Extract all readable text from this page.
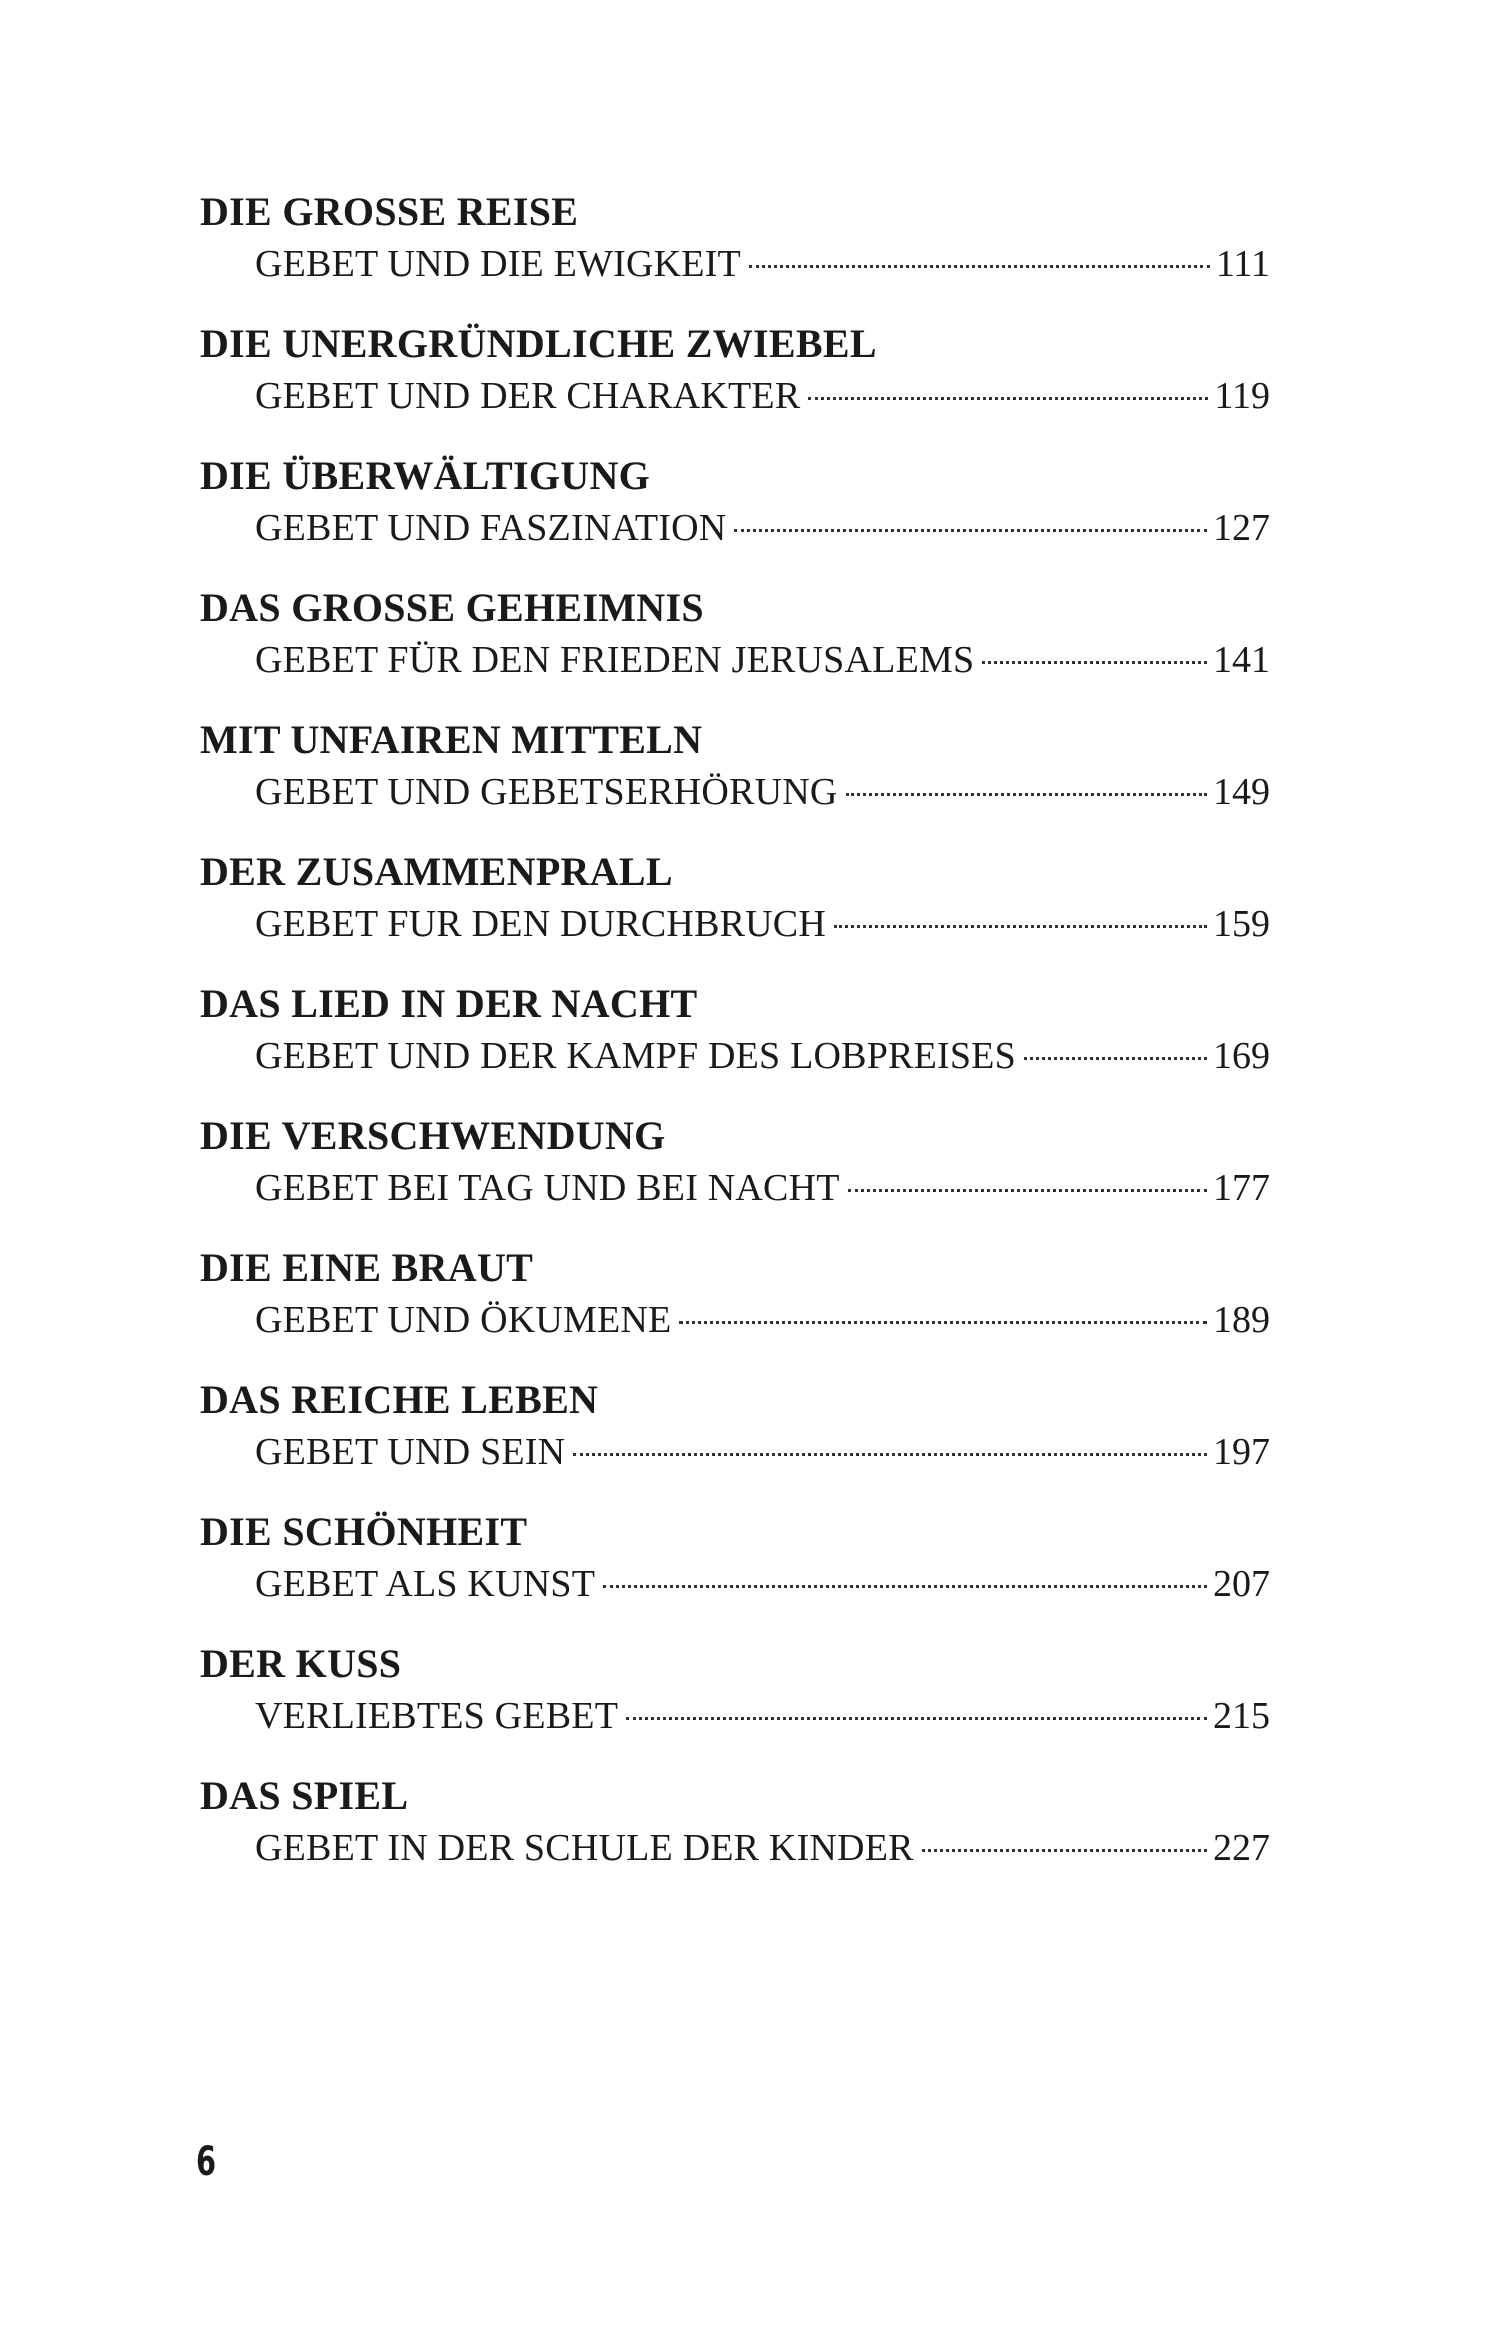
DIE GROSSE REISE
GEBET UND DIE EWIGKEIT	111
DIE UNERGRÜNDLICHE ZWIEBEL
GEBET UND DER CHARAKTER	119
DIE ÜBERWÄLTIGUNG
GEBET UND FASZINATION	127
DAS GROSSE GEHEIMNIS
GEBET FÜR DEN FRIEDEN JERUSALEMS	141
MIT UNFAIREN MITTELN
GEBET UND GEBETSERHÖRUNG	149
DER ZUSAMMENPRALL
GEBET FUR DEN DURCHBRUCH	159
DAS LIED IN DER NACHT
GEBET UND DER KAMPF DES LOBPREISES	169
DIE VERSCHWENDUNG
GEBET BEI TAG UND BEI NACHT	177
DIE EINE BRAUT
GEBET UND ÖKUMENE	189
DAS REICHE LEBEN
GEBET UND SEIN	197
DIE SCHÖNHEIT
GEBET ALS KUNST	207
DER KUSS
VERLIEBTES GEBET	215
DAS SPIEL
GEBET IN DER SCHULE DER KINDER	227
6
